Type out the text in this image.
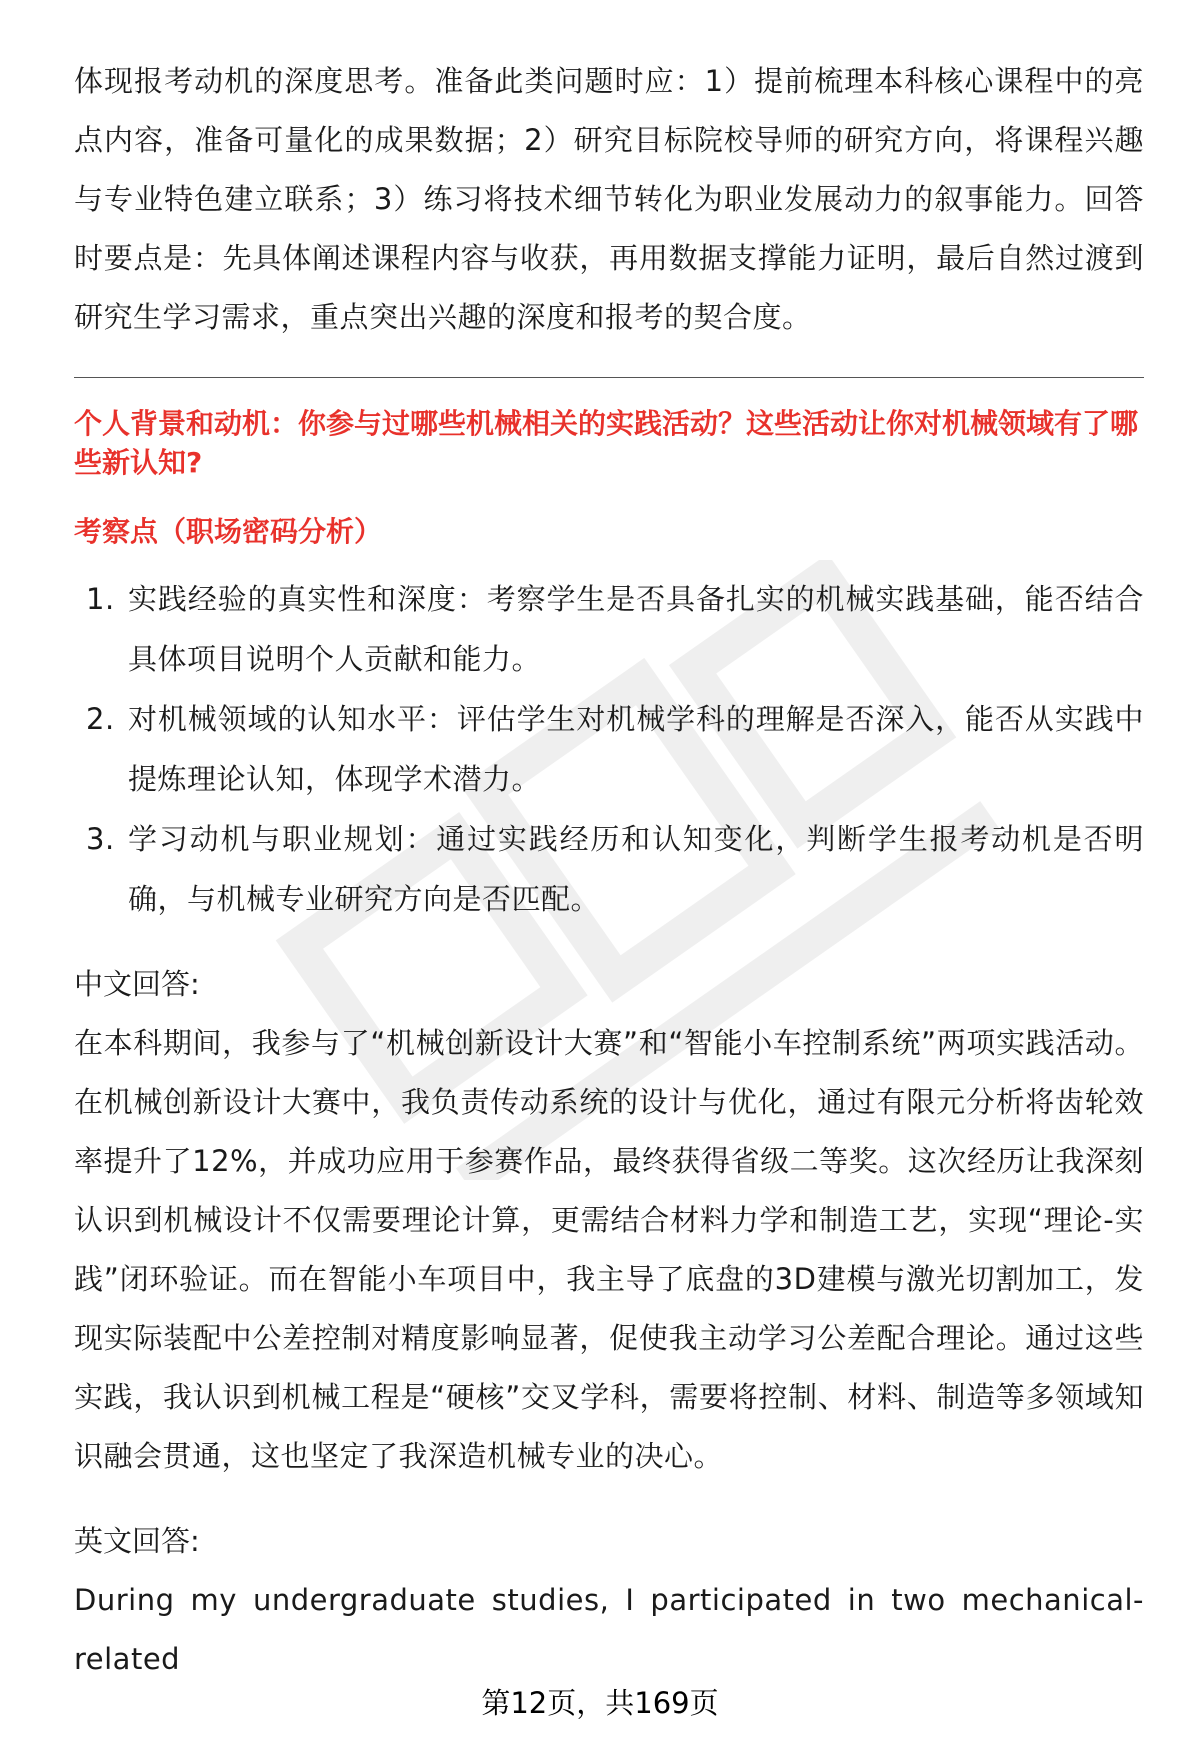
体现报考动机的深度思考。准备此类问题时应：1）提前梳理本科核心课程中的亮点内容，准备可量化的成果数据；2）研究目标院校导师的研究方向，将课程兴趣与专业特色建立联系；3）练习将技术细节转化为职业发展动力的叙事能力。回答时要点是：先具体阐述课程内容与收获，再用数据支撑能力证明，最后自然过渡到研究生学习需求，重点突出兴趣的深度和报考的契合度。

个人背景和动机：你参与过哪些机械相关的实践活动？这些活动让你对机械领域有了哪些新认知?

考察点（职场密码分析）

1. 实践经验的真实性和深度：考察学生是否具备扎实的机械实践基础，能否结合具体项目说明个人贡献和能力。
2. 对机械领域的认知水平：评估学生对机械学科的理解是否深入，能否从实践中提炼理论认知，体现学术潜力。
3. 学习动机与职业规划：通过实践经历和认知变化，判断学生报考动机是否明确，与机械专业研究方向是否匹配。

中文回答:

在本科期间，我参与了“机械创新设计大赛”和“智能小车控制系统”两项实践活动。在机械创新设计大赛中，我负责传动系统的设计与优化，通过有限元分析将齿轮效率提升了12%，并成功应用于参赛作品，最终获得省级二等奖。这次经历让我深刻认识到机械设计不仅需要理论计算，更需结合材料力学和制造工艺，实现“理论-实践”闭环验证。而在智能小车项目中，我主导了底盘的3D建模与激光切割加工，发现实际装配中公差控制对精度影响显著，促使我主动学习公差配合理论。通过这些实践，我认识到机械工程是“硬核”交叉学科，需要将控制、材料、制造等多领域知识融会贯通，这也坚定了我深造机械专业的决心。

英文回答:

During my undergraduate studies, I participated in two mechanical-related

第12页，共169页
